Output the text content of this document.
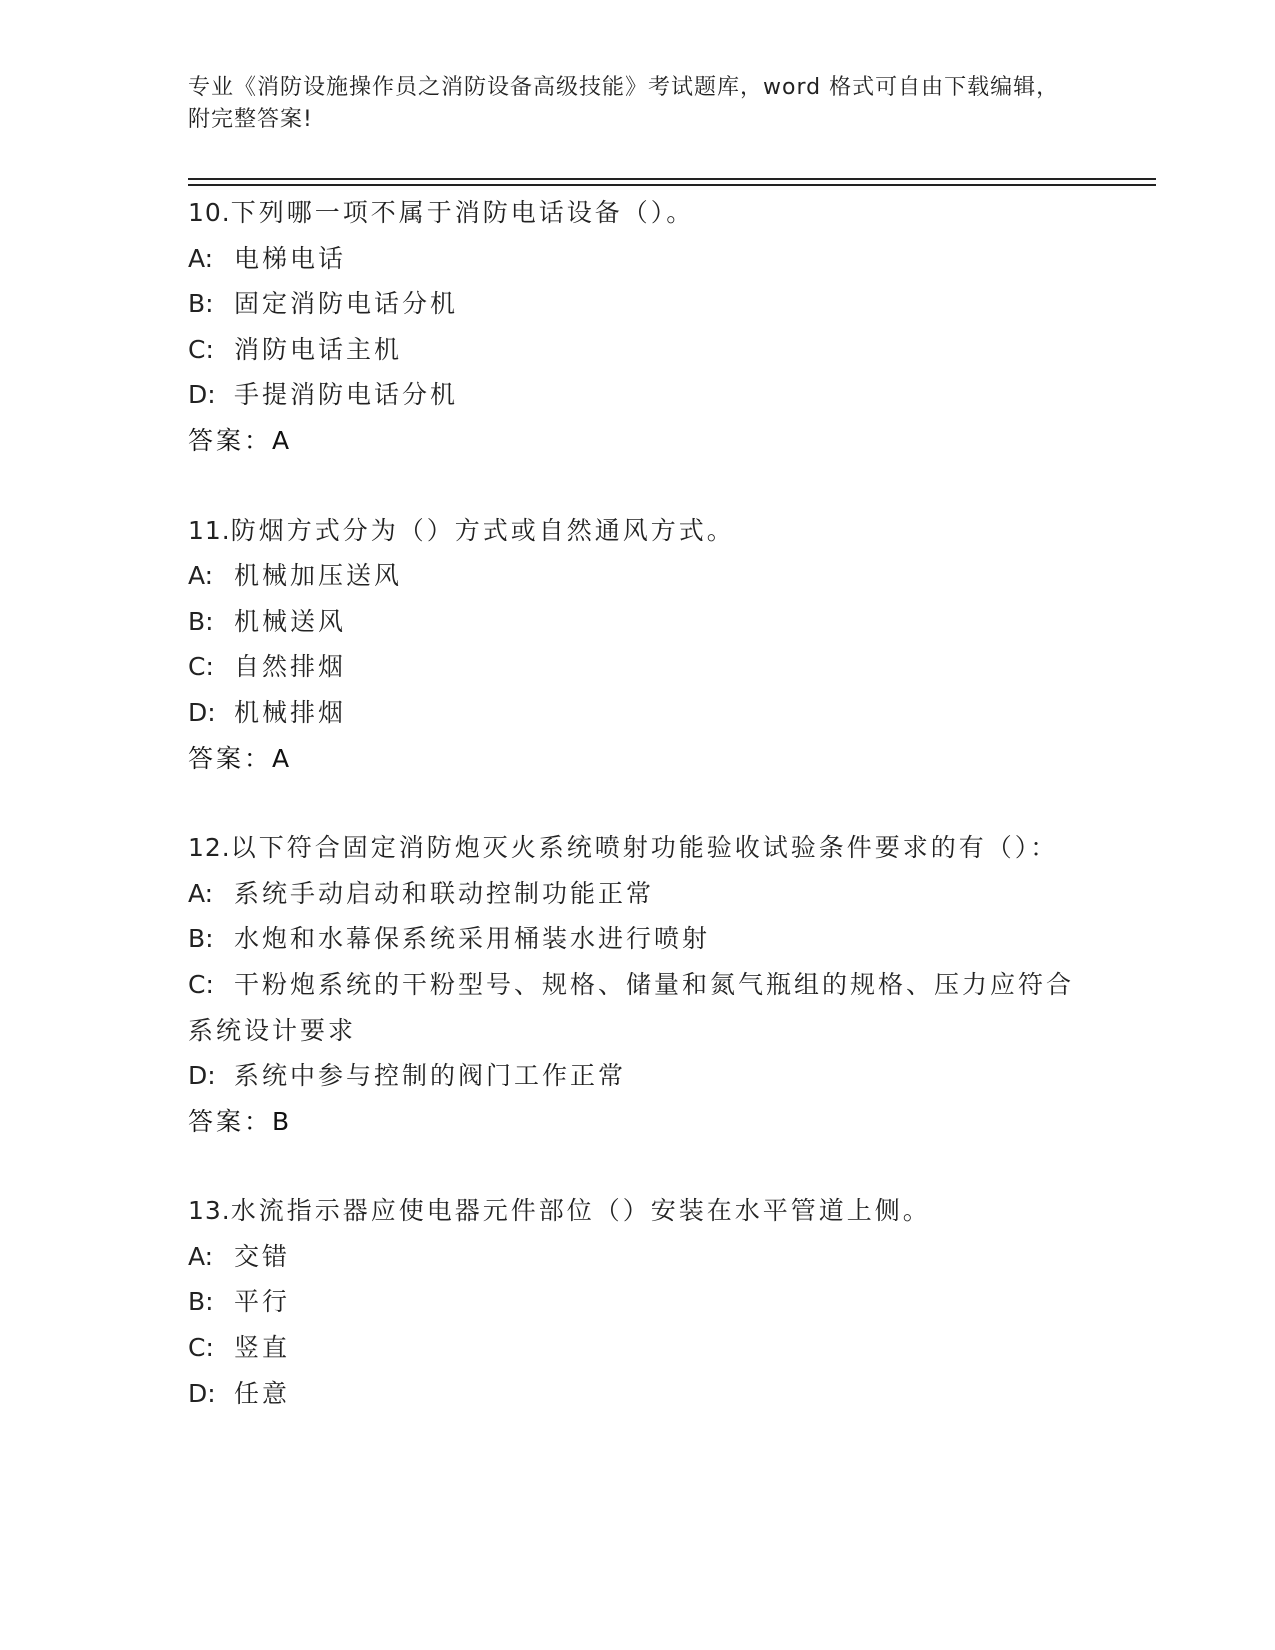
专业《消防设施操作员之消防设备高级技能》考试题库，word 格式可自由下载编辑，附完整答案!
10.下列哪一项不属于消防电话设备（）。
A: 电梯电话
B: 固定消防电话分机
C: 消防电话主机
D: 手提消防电话分机
答案：A
11.防烟方式分为（）方式或自然通风方式。
A: 机械加压送风
B: 机械送风
C: 自然排烟
D: 机械排烟
答案：A
12.以下符合固定消防炮灭火系统喷射功能验收试验条件要求的有（）：
A: 系统手动启动和联动控制功能正常
B: 水炮和水幕保系统采用桶装水进行喷射
C: 干粉炮系统的干粉型号、规格、储量和氮气瓶组的规格、压力应符合系统设计要求
D: 系统中参与控制的阀门工作正常
答案：B
13.水流指示器应使电器元件部位（）安装在水平管道上侧。
A: 交错
B: 平行
C: 竖直
D: 任意
